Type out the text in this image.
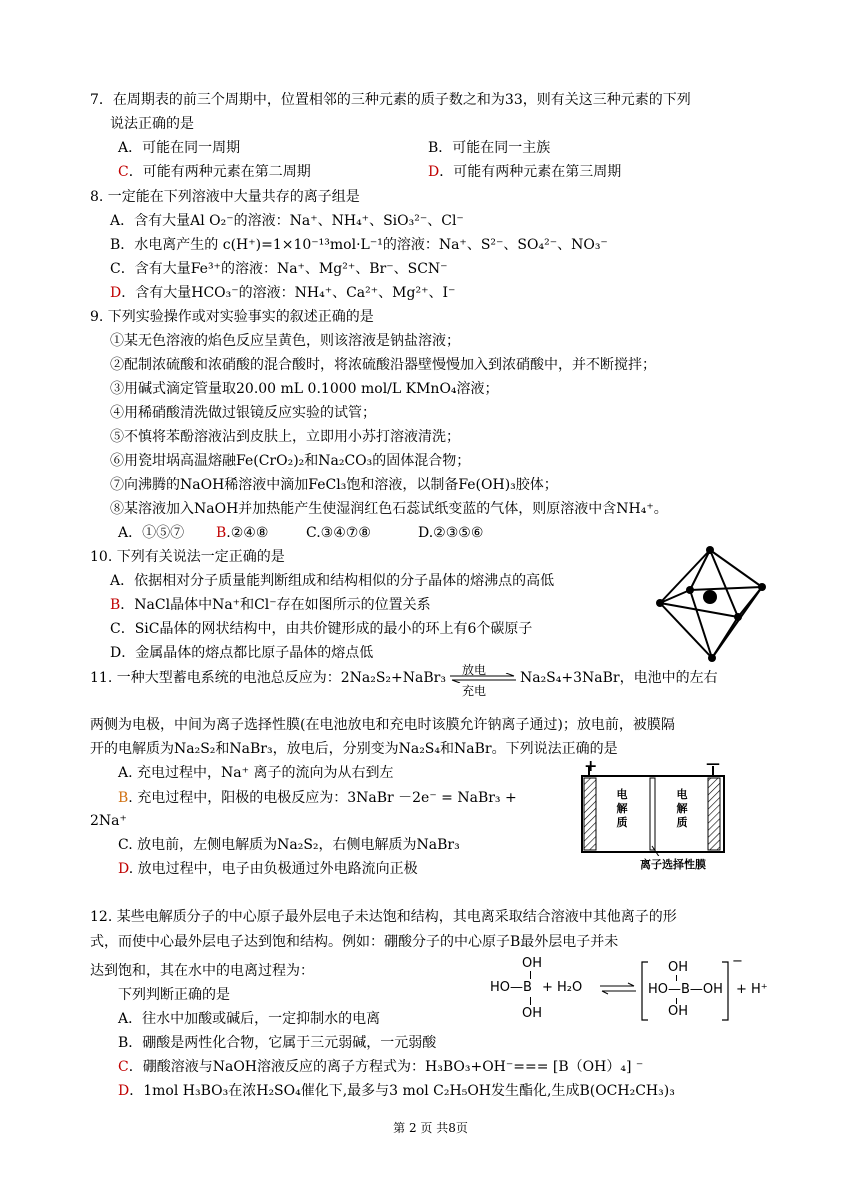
7．在周期表的前三个周期中，位置相邻的三种元素的质子数之和为33，则有关这三种元素的下列
说法正确的是
A．可能在同一周期	B．可能在同一主族
C．可能有两种元素在第二周期	D．可能有两种元素在第三周期
8. 一定能在下列溶液中大量共存的离子组是
A．含有大量Al O₂⁻的溶液：Na⁺、NH₄⁺、SiO₃²⁻、Cl⁻
B．水电离产生的 c(H⁺)=1×10⁻¹³mol·L⁻¹的溶液：Na⁺、S²⁻、SO₄²⁻、NO₃⁻
C．含有大量Fe³⁺的溶液：Na⁺、Mg²⁺、Br⁻、SCN⁻
D．含有大量HCO₃⁻的溶液：NH₄⁺、Ca²⁺、Mg²⁺、I⁻
9. 下列实验操作或对实验事实的叙述正确的是
①某无色溶液的焰色反应呈黄色，则该溶液是钠盐溶液；
②配制浓硫酸和浓硝酸的混合酸时，将浓硫酸沿器壁慢慢加入到浓硝酸中，并不断搅拌；
③用碱式滴定管量取20.00 mL 0.1000 mol/L KMnO₄溶液；
④用稀硝酸清洗做过银镜反应实验的试管；
⑤不慎将苯酚溶液沾到皮肤上，立即用小苏打溶液清洗；
⑥用瓷坩埚高温熔融Fe(CrO₂)₂和Na₂CO₃的固体混合物；
⑦向沸腾的NaOH稀溶液中滴加FeCl₃饱和溶液，以制备Fe(OH)₃胶体；
⑧某溶液加入NaOH并加热能产生使湿润红色石蕊试纸变蓝的气体，则原溶液中含NH₄⁺。
A．①⑤⑦ B.②④⑧	C.③④⑦⑧	D.②③⑤⑥
10. 下列有关说法一定正确的是
A．依据相对分子质量能判断组成和结构相似的分子晶体的熔沸点的高低
B．NaCl晶体中Na⁺和Cl⁻存在如图所示的位置关系
C．SiC晶体的网状结构中，由共价键形成的最小的环上有6个碳原子
D．金属晶体的熔点都比原子晶体的熔点低
11. 一种大型蓄电系统的电池总反应为：2Na₂S₂+NaBr₃ 放电
充电
Na₂S₄+3NaBr，电池中的左右
两侧为电极，中间为离子选择性膜(在电池放电和充电时该膜允许钠离子通过)；放电前，被膜隔
开的电解质为Na₂S₂和NaBr₃，放电后，分别变为Na₂S₄和NaBr。下列说法正确的是
A. 充电过程中，Na⁺ 离子的流向为从右到左
B. 充电过程中，阳极的电极反应为：3NaBr －2e⁻ = NaBr₃ +
2Na⁺
C. 放电前，左侧电解质为Na₂S₂，右侧电解质为NaBr₃
D. 放电过程中，电子由负极通过外电路流向正极
+	—
电
解
质
电
解
质
离子选择性膜
12. 某些电解质分子的中心原子最外层电子未达饱和结构，其电离采取结合溶液中其他离子的形
式，而使中心最外层电子达到饱和结构。例如：硼酸分子的中心原子B最外层电子并未
达到饱和，其在水中的电离过程为：
下列判断正确的是
A．往水中加酸或碱后，一定抑制水的电离
B．硼酸是两性化合物，它属于三元弱碱，一元弱酸
C．硼酸溶液与NaOH溶液反应的离子方程式为：H₃BO₃+OH⁻=== [B（OH）₄] ⁻
D．1mol H₃BO₃在浓H₂SO₄催化下,最多与3 mol C₂H₅OH发生酯化,生成B(OCH₂CH₃)₃
OH
HO—B + H₂O
OH
OH
HO—B—OH
OH
−
+ H⁺
第 2 页 共8页
